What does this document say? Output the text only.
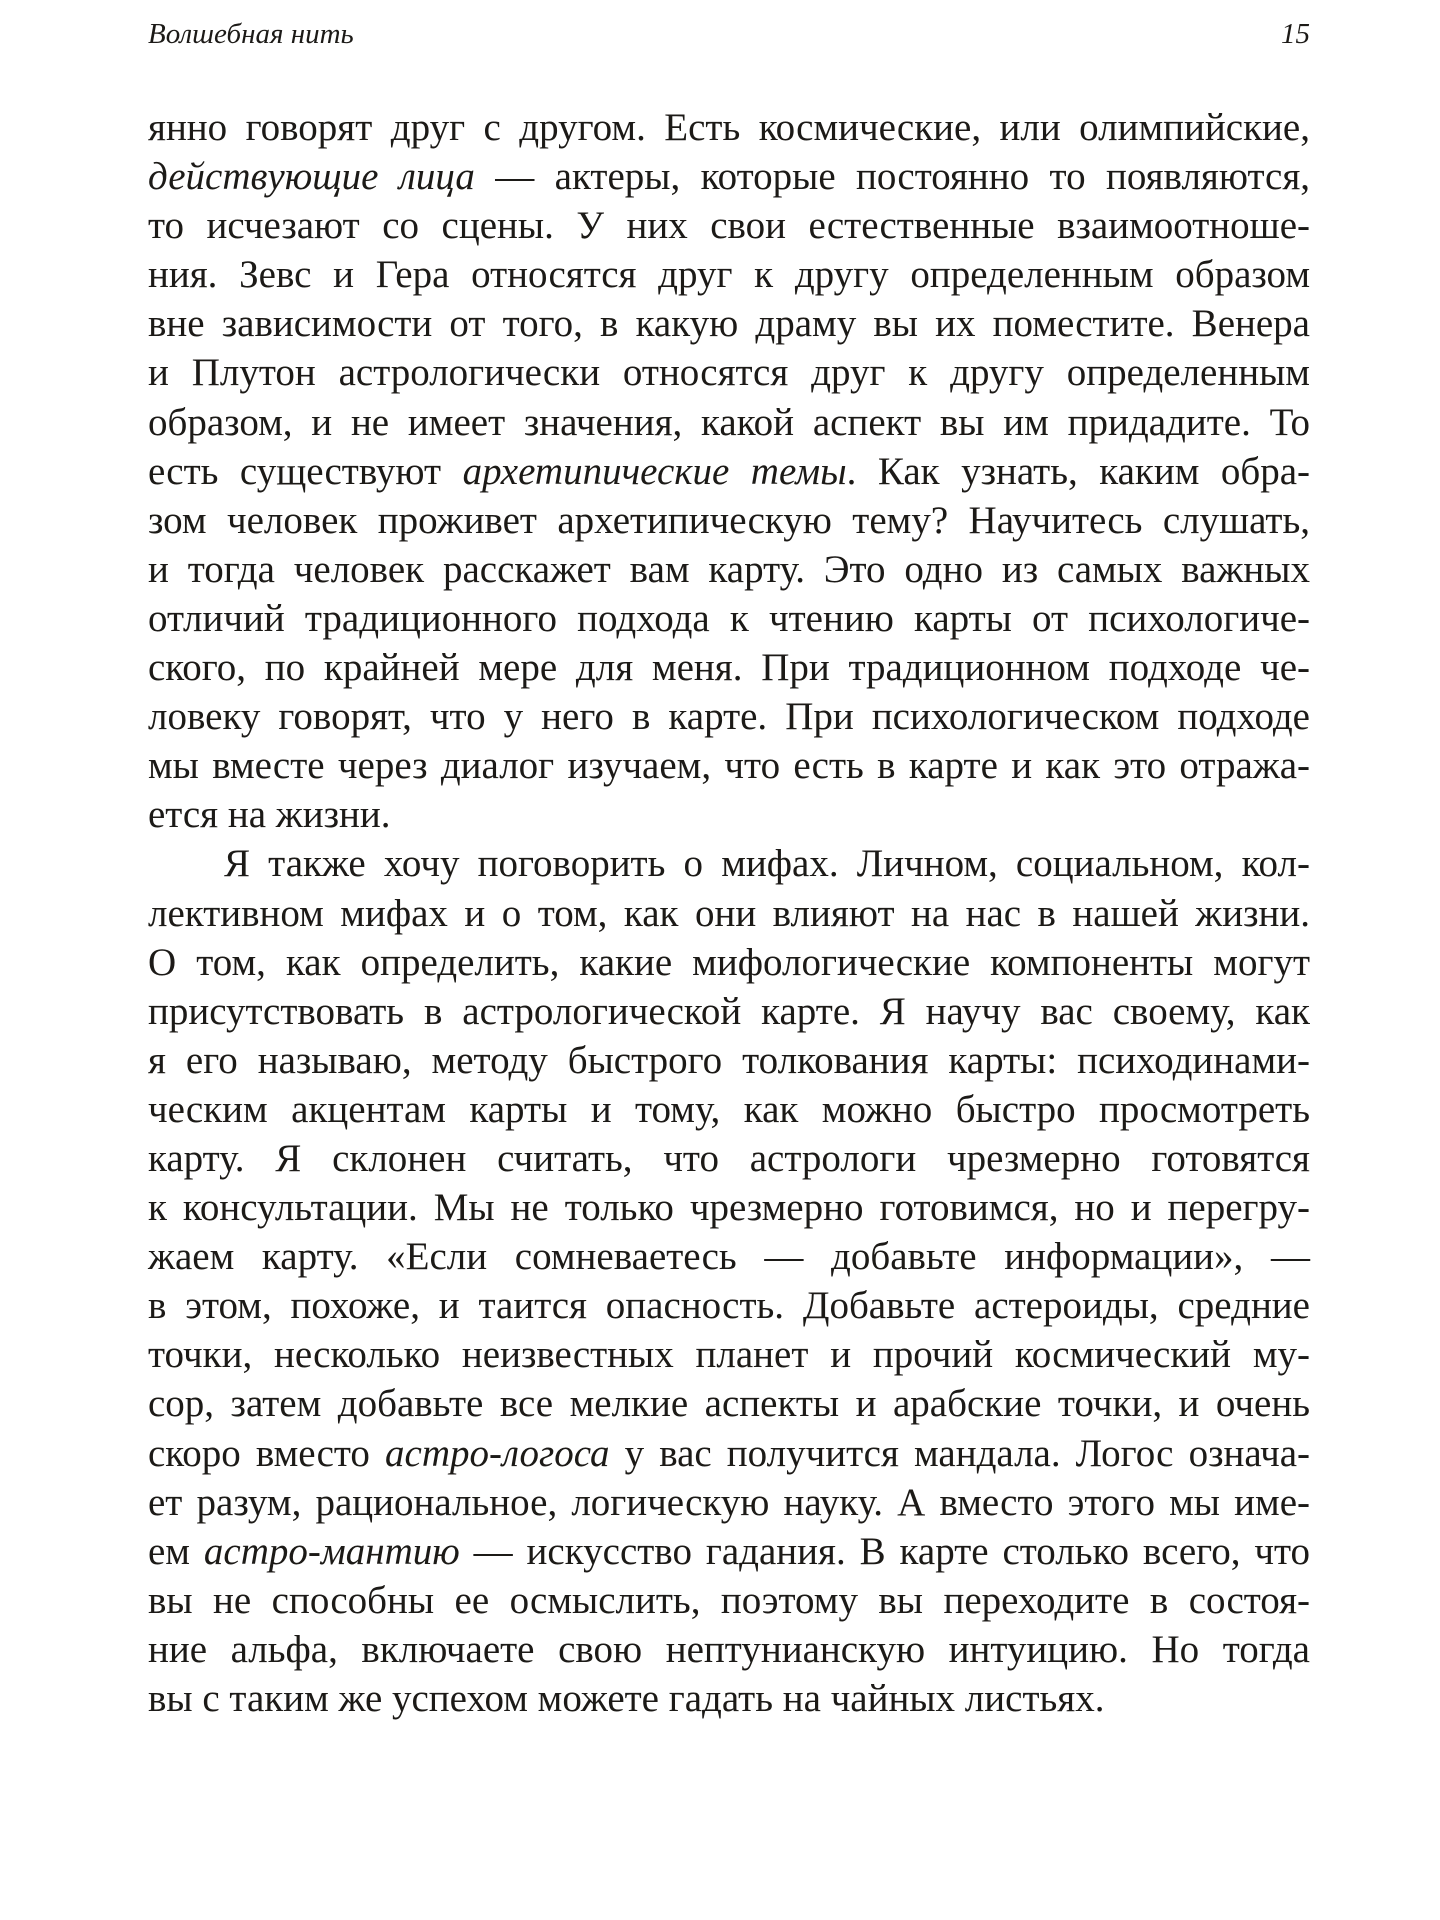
Волшебная нить	15
янно говорят друг с другом. Есть космические, или олимпийские,
действующие лица — актеры, которые постоянно то появляются,
то исчезают со сцены. У них свои естественные взаимоотноше-
ния. Зевс и Гера относятся друг к другу определенным образом
вне зависимости от того, в какую драму вы их поместите. Венера
и Плутон астрологически относятся друг к другу определенным
образом, и не имеет значения, какой аспект вы им придадите. То
есть существуют архетипические темы. Как узнать, каким обра-
зом человек проживет архетипическую тему? Научитесь слушать,
и тогда человек расскажет вам карту. Это одно из самых важных
отличий традиционного подхода к чтению карты от психологиче-
ского, по крайней мере для меня. При традиционном подходе че-
ловеку говорят, что у него в карте. При психологическом подходе
мы вместе через диалог изучаем, что есть в карте и как это отража-
ется на жизни.
Я также хочу поговорить о мифах. Личном, социальном, кол-
лективном мифах и о том, как они влияют на нас в нашей жизни.
О том, как определить, какие мифологические компоненты могут
присутствовать в астрологической карте. Я научу вас своему, как
я его называю, методу быстрого толкования карты: психодинами-
ческим акцентам карты и тому, как можно быстро просмотреть
карту. Я склонен считать, что астрологи чрезмерно готовятся
к консультации. Мы не только чрезмерно готовимся, но и перегру-
жаем карту. «Если сомневаетесь — добавьте информации», —
в этом, похоже, и таится опасность. Добавьте астероиды, средние
точки, несколько неизвестных планет и прочий космический му-
сор, затем добавьте все мелкие аспекты и арабские точки, и очень
скоро вместо астро-логоса у вас получится мандала. Логос означа-
ет разум, рациональное, логическую науку. А вместо этого мы име-
ем астро-мантию — искусство гадания. В карте столько всего, что
вы не способны ее осмыслить, поэтому вы переходите в состоя-
ние альфа, включаете свою нептунианскую интуицию. Но тогда
вы с таким же успехом можете гадать на чайных листьях.
